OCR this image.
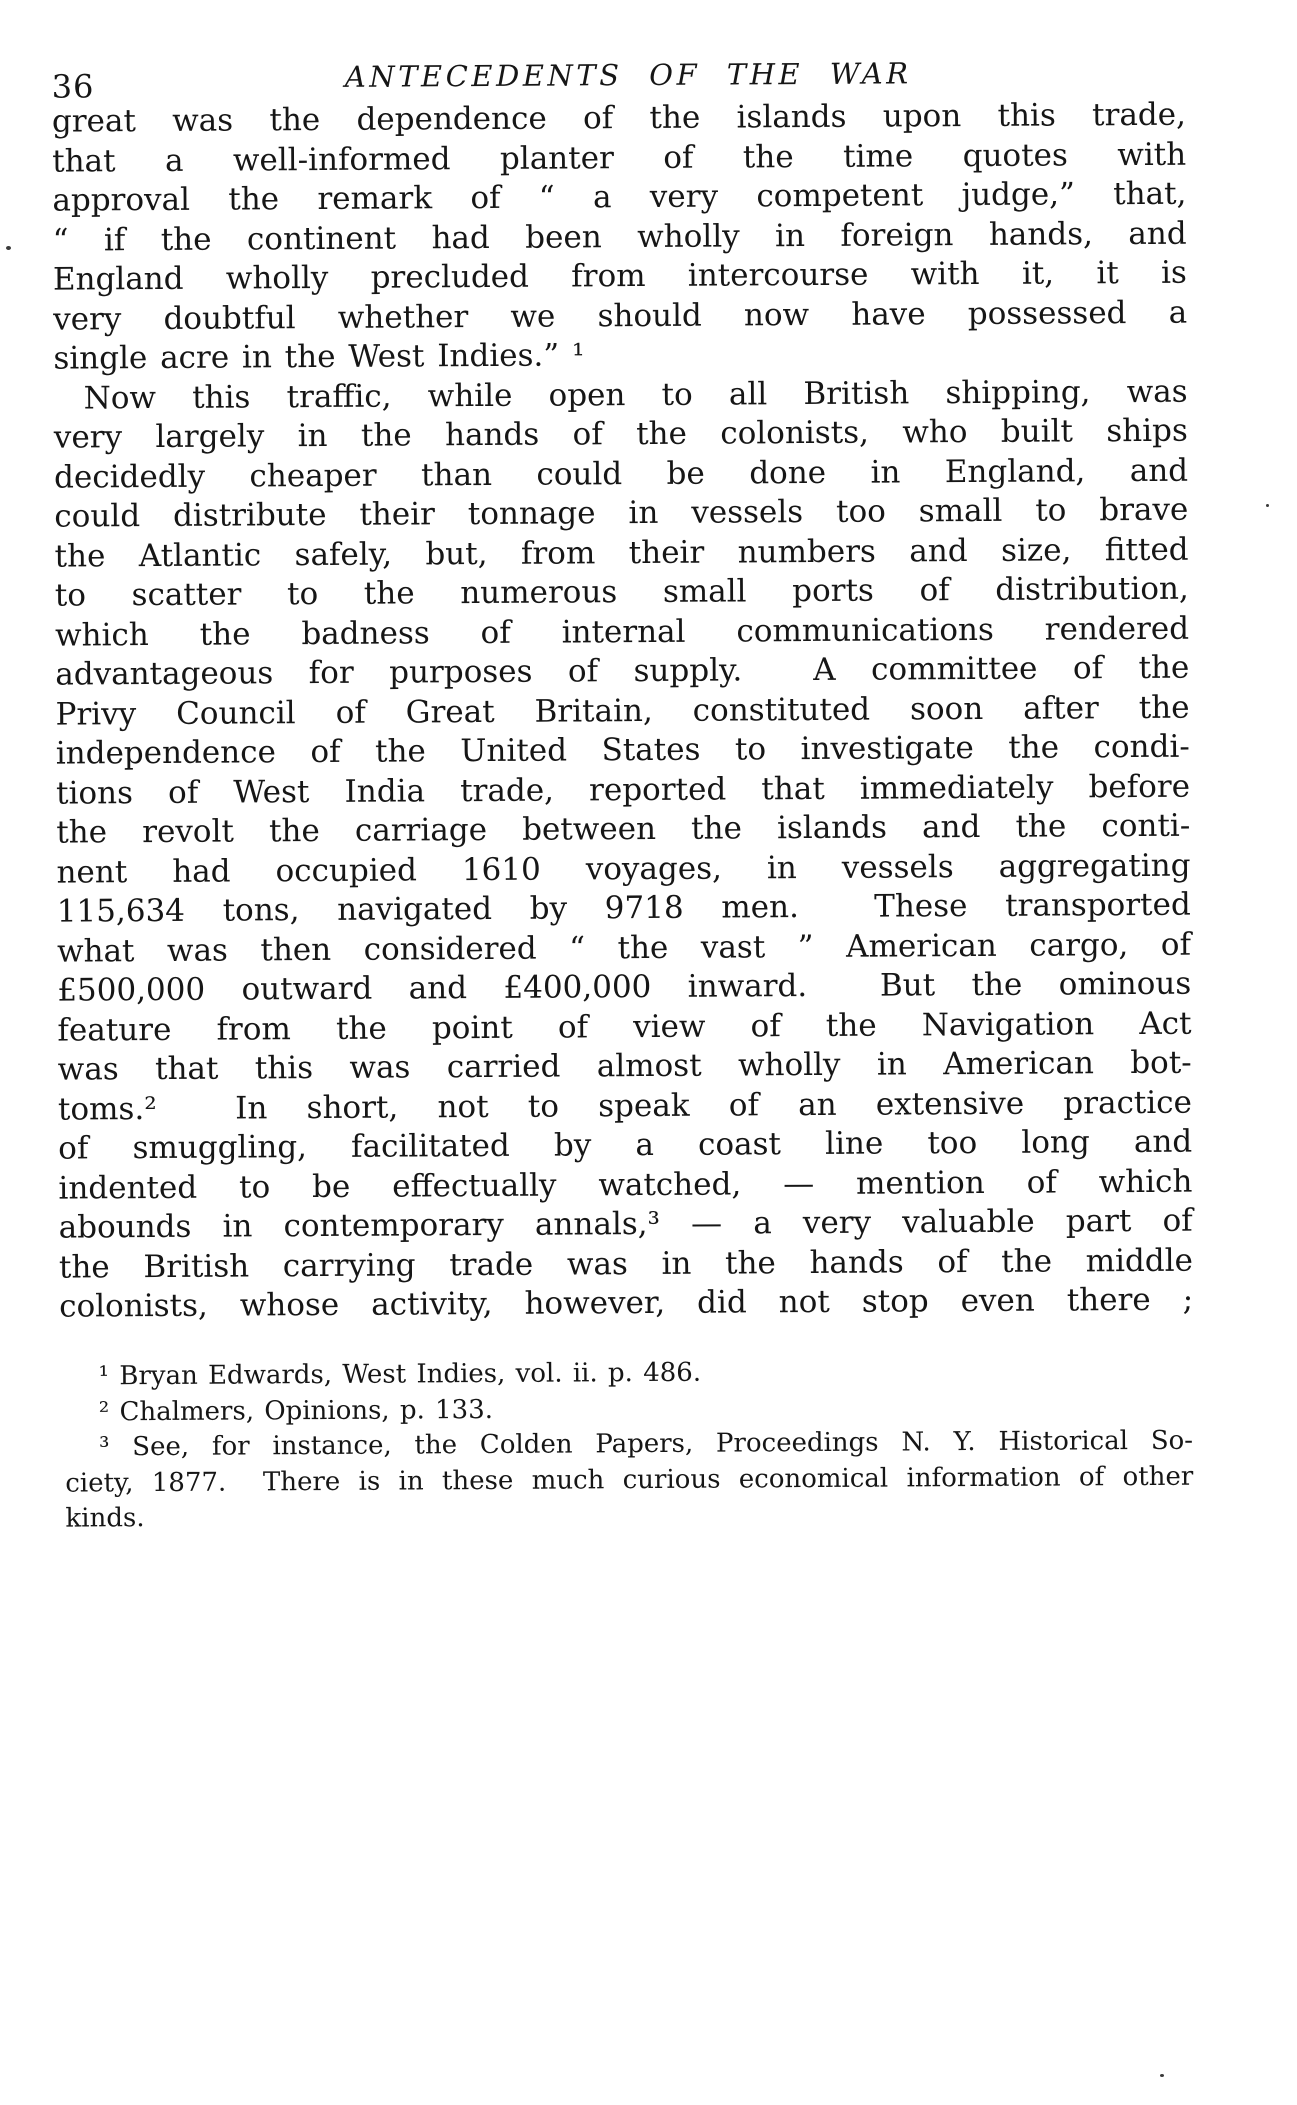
36	ANTECEDENTS OF THE WAR
great was the dependence of the islands upon this trade,
that a well-informed planter of the time quotes with
approval the remark of “ a very competent judge,” that,
“ if the continent had been wholly in foreign hands, and
England wholly precluded from intercourse with it, it is
very doubtful whether we should now have possessed a
single acre in the West Indies.” ¹
Now this traffic, while open to all British shipping, was
very largely in the hands of the colonists, who built ships
decidedly cheaper than could be done in England, and
could distribute their tonnage in vessels too small to brave
the Atlantic safely, but, from their numbers and size, fitted
to scatter to the numerous small ports of distribution,
which the badness of internal communications rendered
advantageous for purposes of supply.  A committee of the
Privy Council of Great Britain, constituted soon after the
independence of the United States to investigate the condi-
tions of West India trade, reported that immediately before
the revolt the carriage between the islands and the conti-
nent had occupied 1610 voyages, in vessels aggregating
115,634 tons, navigated by 9718 men.  These transported
what was then considered “ the vast ” American cargo, of
£500,000 outward and £400,000 inward.  But the ominous
feature from the point of view of the Navigation Act
was that this was carried almost wholly in American bot-
toms.²  In short, not to speak of an extensive practice
of smuggling, facilitated by a coast line too long and
indented to be effectually watched, — mention of which
abounds in contemporary annals,³ — a very valuable part of
the British carrying trade was in the hands of the middle
colonists, whose activity, however, did not stop even there ;
¹ Bryan Edwards, West Indies, vol. ii. p. 486.
² Chalmers, Opinions, p. 133.
³ See, for instance, the Colden Papers, Proceedings N. Y. Historical So-
ciety, 1877.  There is in these much curious economical information of other
kinds.
